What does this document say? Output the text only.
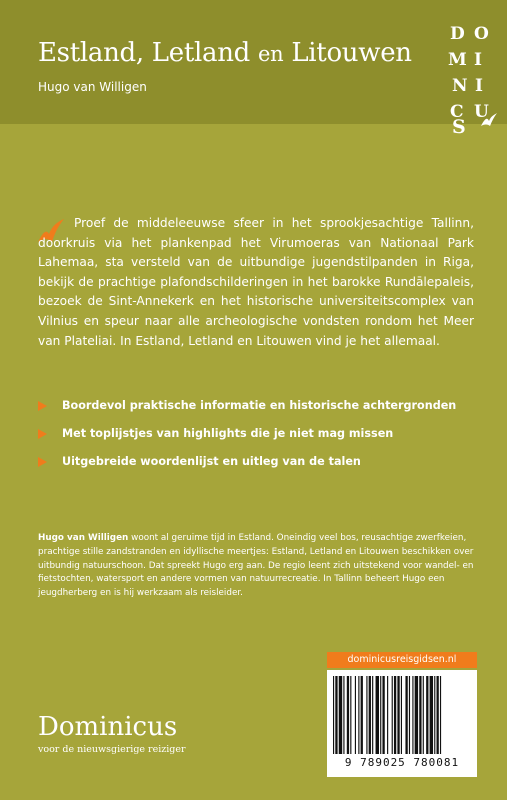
Estland, Letland en Litouwen
Hugo van Willigen
D O
M I
N I
C U
S
Proef de middeleeuwse sfeer in het sprookjesachtige Tallinn, doorkruis via het plankenpad het Virumoeras van Nationaal Park Lahemaa, sta versteld van de uitbundige jugendstilpanden in Riga, bekijk de prachtige plafondschilderingen in het barokke Rundālepaleis, bezoek de Sint-Annekerk en het historische universiteitscomplex van Vilnius en speur naar alle archeologische vondsten rondom het Meer van Plateliai. In Estland, Letland en Litouwen vind je het allemaal.
Boordevol praktische informatie en historische achtergronden
Met toplijstjes van highlights die je niet mag missen
Uitgebreide woordenlijst en uitleg van de talen
Hugo van Willigen woont al geruime tijd in Estland. Oneindig veel bos, reusachtige zwerfkeien, prachtige stille zandstranden en idyllische meertjes: Estland, Letland en Litouwen beschikken over uitbundig natuurschoon. Dat spreekt Hugo erg aan. De regio leent zich uitstekend voor wandel- en fietstochten, watersport en andere vormen van natuurrecreatie. In Tallinn beheert Hugo een jeugdherberg en is hij werkzaam als reisleider.
Dominicus
voor de nieuwsgierige reiziger
dominicusreisgidsen.nl
9 789025 780081
